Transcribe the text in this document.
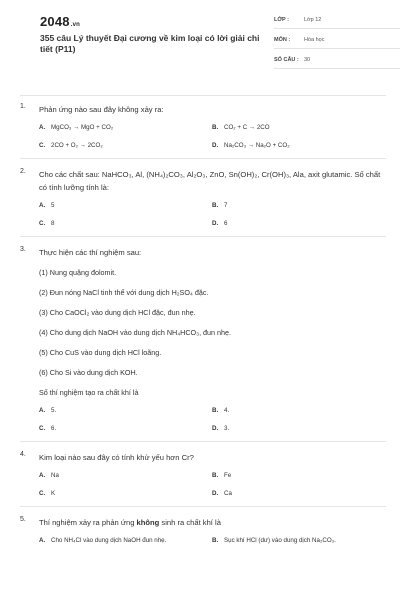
2048.vn
355 câu Lý thuyết Đại cương về kim loại có lời giải chi tiết (P11)
LỚP :	Lớp 12
MÔN :	Hóa học
SỐ CÂU : 30
1. Phản ứng nào sau đây không xảy ra:
A. MgCO₃ → MgO + CO₂	B. CO₂ + C → 2CO
C. 2CO + O₂ → 2CO₂	D. Na₂CO₃ → Na₂O + CO₂
2. Cho các chất sau: NaHCO₃, Al, (NH₄)₂CO₃, Al₂O₃, ZnO, Sn(OH)₂, Cr(OH)₃, Ala, axit glutamic. Số chất có tính lưỡng tính là:
A. 5	B. 7
C. 8	D. 6
3. Thực hiện các thí nghiệm sau:
(1) Nung quặng đolomit.
(2) Đun nóng NaCl tinh thể với dung dịch H₂SO₄ đặc.
(3) Cho CaOCl₂ vào dung dịch HCl đặc, đun nhẹ.
(4) Cho dung dịch NaOH vào dung dịch NH₄HCO₃, đun nhẹ.
(5) Cho CuS vào dung dịch HCl loãng.
(6) Cho Si vào dung dịch KOH.
Số thí nghiệm tạo ra chất khí là
A. 5.	B. 4.
C. 6.	D. 3.
4. Kim loại nào sau đây có tính khử yếu hơn Cr?
A. Na	B. Fe
C. K	D. Ca
5. Thí nghiệm xảy ra phản ứng không sinh ra chất khí là
A. Cho NH₄Cl vào dung dịch NaOH đun nhẹ.	B. Sục khí HCl (dư) vào dung dịch Na₂CO₃.
